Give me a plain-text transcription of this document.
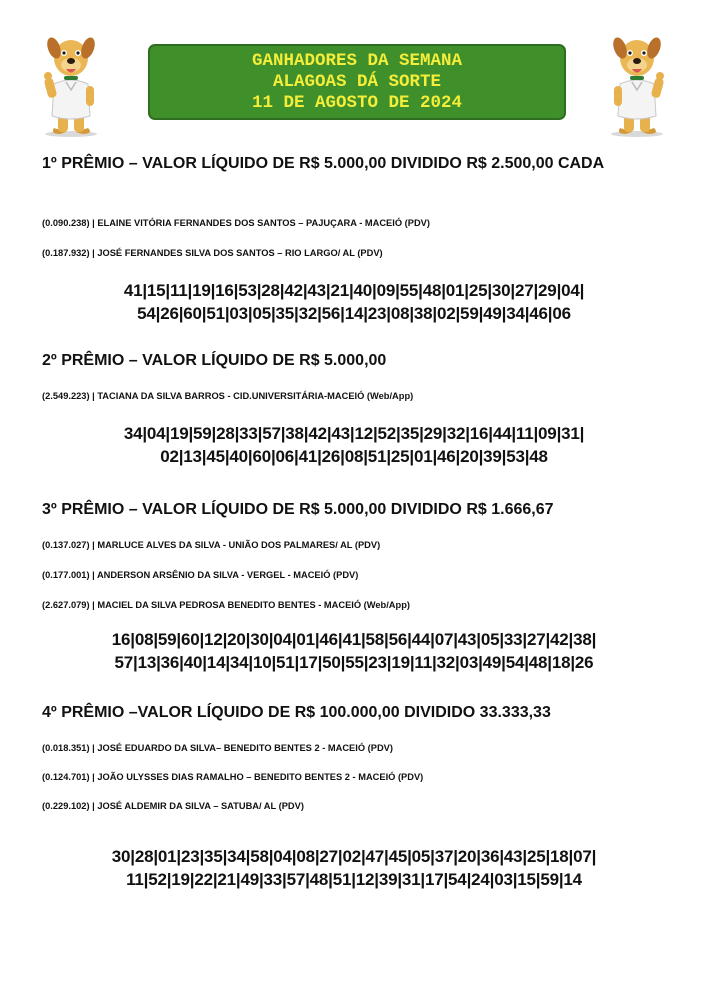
GANHADORES DA SEMANA
ALAGOAS DÁ SORTE
11 DE AGOSTO DE 2024
1º PRÊMIO – VALOR LÍQUIDO DE R$ 5.000,00 DIVIDIDO R$ 2.500,00 CADA
(0.090.238) | ELAINE VITÓRIA FERNANDES DOS SANTOS – PAJUÇARA - MACEIÓ (PDV)
(0.187.932) | JOSÉ FERNANDES SILVA DOS SANTOS – RIO LARGO/ AL (PDV)
41|15|11|19|16|53|28|42|43|21|40|09|55|48|01|25|30|27|29|04|
54|26|60|51|03|05|35|32|56|14|23|08|38|02|59|49|34|46|06
2º PRÊMIO – VALOR LÍQUIDO DE R$ 5.000,00
(2.549.223) | TACIANA DA SILVA BARROS - CID.UNIVERSITÁRIA-MACEIÓ (Web/App)
34|04|19|59|28|33|57|38|42|43|12|52|35|29|32|16|44|11|09|31|
02|13|45|40|60|06|41|26|08|51|25|01|46|20|39|53|48
3º PRÊMIO – VALOR LÍQUIDO DE R$ 5.000,00 DIVIDIDO R$ 1.666,67
(0.137.027) | MARLUCE ALVES DA SILVA - UNIÃO DOS PALMARES/ AL (PDV)
(0.177.001) | ANDERSON ARSÊNIO DA SILVA - VERGEL - MACEIÓ (PDV)
(2.627.079) | MACIEL DA SILVA PEDROSA BENEDITO BENTES - MACEIÓ (Web/App)
16|08|59|60|12|20|30|04|01|46|41|58|56|44|07|43|05|33|27|42|38|
57|13|36|40|14|34|10|51|17|50|55|23|19|11|32|03|49|54|48|18|26
4º PRÊMIO –VALOR LÍQUIDO DE R$ 100.000,00 DIVIDIDO 33.333,33
(0.018.351) | JOSÉ EDUARDO DA SILVA– BENEDITO BENTES 2 - MACEIÓ (PDV)
(0.124.701) | JOÃO ULYSSES DIAS RAMALHO – BENEDITO BENTES 2 - MACEIÓ (PDV)
(0.229.102) | JOSÉ ALDEMIR DA SILVA – SATUBA/ AL (PDV)
30|28|01|23|35|34|58|04|08|27|02|47|45|05|37|20|36|43|25|18|07|
11|52|19|22|21|49|33|57|48|51|12|39|31|17|54|24|03|15|59|14
